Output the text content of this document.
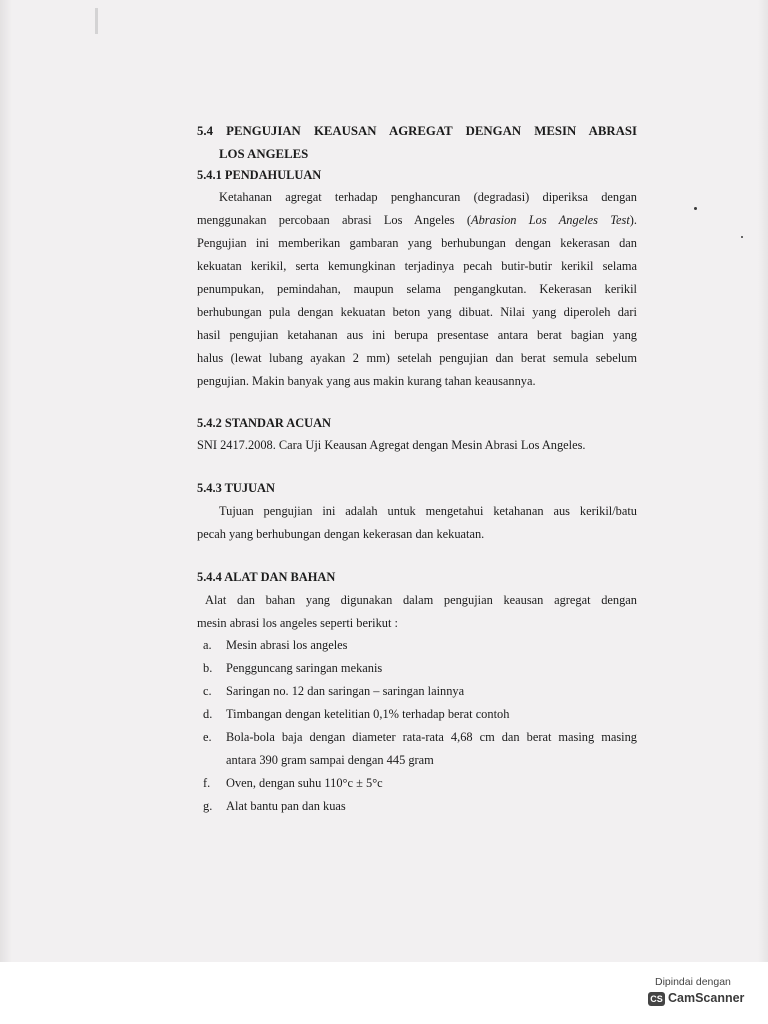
5.4 PENGUJIAN KEAUSAN AGREGAT DENGAN MESIN ABRASI
LOS ANGELES
5.4.1 PENDAHULUAN
Ketahanan agregat terhadap penghancuran (degradasi) diperiksa dengan
menggunakan percobaan abrasi Los Angeles (Abrasion Los Angeles Test).
Pengujian ini memberikan gambaran yang berhubungan dengan kekerasan dan
kekuatan kerikil, serta kemungkinan terjadinya pecah butir-butir kerikil selama
penumpukan, pemindahan, maupun selama pengangkutan. Kekerasan kerikil
berhubungan pula dengan kekuatan beton yang dibuat. Nilai yang diperoleh dari
hasil pengujian ketahanan aus ini berupa presentase antara berat bagian yang
halus (lewat lubang ayakan 2 mm) setelah pengujian dan berat semula sebelum
pengujian. Makin banyak yang aus makin kurang tahan keausannya.
5.4.2 STANDAR ACUAN
SNI 2417.2008. Cara Uji Keausan Agregat dengan Mesin Abrasi Los Angeles.
5.4.3 TUJUAN
Tujuan pengujian ini adalah untuk mengetahui ketahanan aus kerikil/batu
pecah yang berhubungan dengan kekerasan dan kekuatan.
5.4.4 ALAT DAN BAHAN
Alat dan bahan yang digunakan dalam pengujian keausan agregat dengan
mesin abrasi los angeles seperti berikut :
a. Mesin abrasi los angeles
b. Pengguncang saringan mekanis
c. Saringan no. 12 dan saringan – saringan lainnya
d. Timbangan dengan ketelitian 0,1% terhadap berat contoh
e. Bola-bola baja dengan diameter rata-rata 4,68 cm dan berat masing masing
antara 390 gram sampai dengan 445 gram
f. Oven, dengan suhu 110°c ± 5°c
g. Alat bantu pan dan kuas
Dipindai dengan
CS CamScanner
